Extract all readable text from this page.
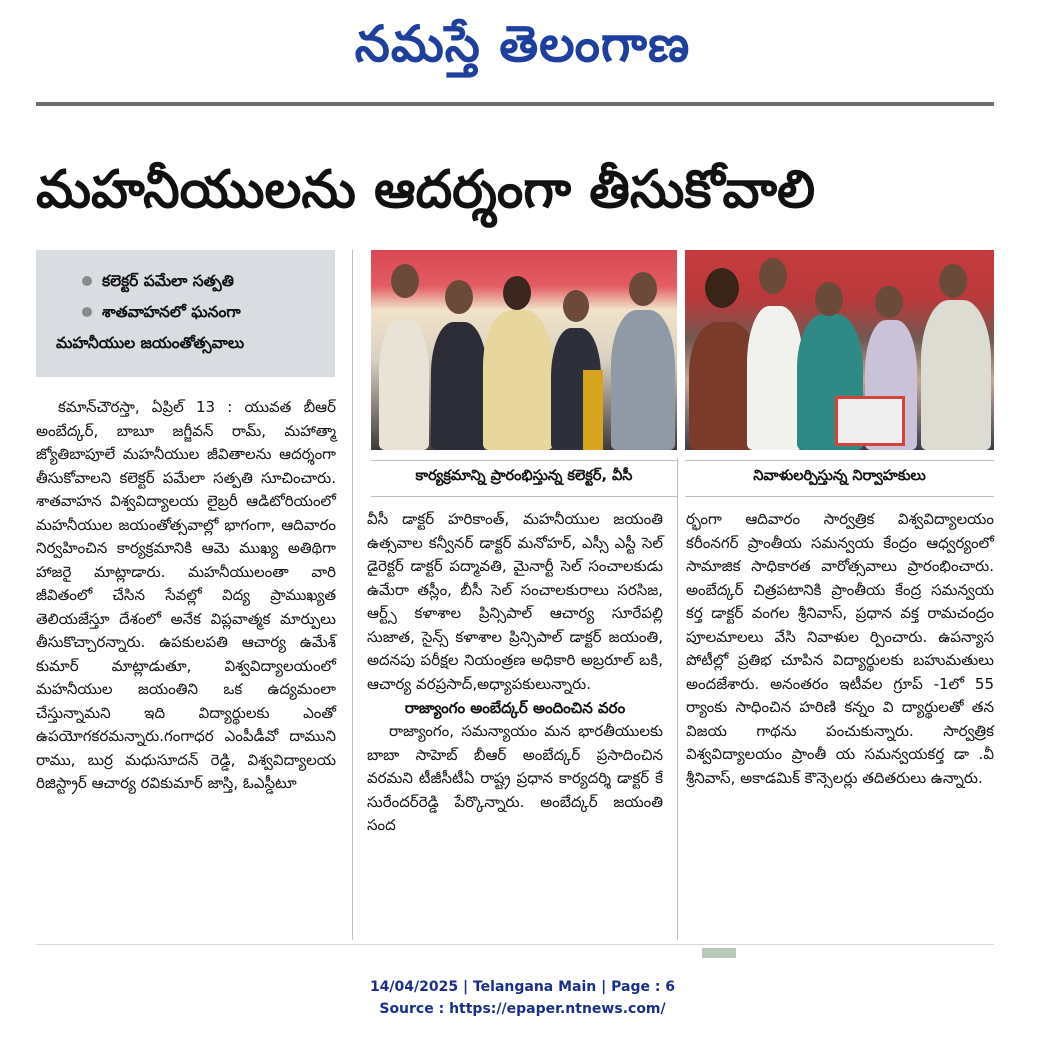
నమస్తే తెలంగాణ
మహనీయులను ఆదర్శంగా తీసుకోవాలి
కలెక్టర్ పమేలా సత్పతి
శాతవాహనలో ఘనంగా
మహనీయుల జయంతోత్సవాలు

కమాన్‌చౌరస్తా, ఏప్రిల్ 13 : యువత బీఆర్ అంబేద్కర్, బాబూ జగ్జీవన్ రామ్, మహాత్మా జ్యోతిబాపూలే మహనీయుల జీవితాలను ఆదర్శంగా తీసుకోవాలని కలెక్టర్ పమేలా సత్పతి సూచించారు. శాతవాహన విశ్వవిద్యాలయ లైబ్రరీ ఆడిటోరియంలో మహనీయుల జయంతోత్సవాల్లో భాగంగా, ఆదివారం నిర్వహించిన కార్యక్రమానికి ఆమె ముఖ్య అతిథిగా హాజరై మాట్లాడారు. మహనీయులంతా వారి జీవితంలో చేసిన సేవల్లో విద్య ప్రాముఖ్యత తెలియజేస్తూ దేశంలో అనేక విప్లవాత్మక మార్పులు తీసుకొచ్చారన్నారు. ఉపకులపతి ఆచార్య ఉమేశ్ కుమార్ మాట్లాడుతూ, విశ్వవిద్యాలయంలో మహనీయుల జయంతిని ఒక ఉద్యమంలా చేస్తున్నామని ఇది విద్యార్థులకు ఎంతో ఉపయోగకరమన్నారు.గంగాధర ఎంపీడీవో దాముని రాము, బుర్ర మధుసూదన్ రెడ్డి, విశ్వవిద్యాలయ రిజిస్ట్రార్ ఆచార్య రవికుమార్ జాస్తి, ఓఎస్డీటూ

కార్యక్రమాన్ని ప్రారంభిస్తున్న కలెక్టర్, వీసీ	నివాళులర్పిస్తున్న నిర్వాహకులు

వీసీ డాక్టర్ హరికాంత్, మహనీయుల జయంతి ఉత్సవాల కన్వీనర్ డాక్టర్ మనోహర్, ఎస్సీ ఎస్టీ సెల్ డైరెక్టర్ డాక్టర్ పద్మావతి, మైనార్టీ సెల్ సంచాలకుడు ఉమేరా తస్లీం, బీసీ సెల్ సంచాలకురాలు సరసిజ, ఆర్ట్స్ కళాశాల ప్రిన్సిపాల్ ఆచార్య సూరేపల్లి సుజాత, సైన్స్ కళాశాల ప్రిన్సిపాల్ డాక్టర్ జయంతి, అదనపు పరీక్షల నియంత్రణ అధికారి అబ్రరూల్ బకి, ఆచార్య వరప్రసాద్,అధ్యాపకులున్నారు.

రాజ్యాంగం అంబేద్కర్ అందించిన వరం

రాజ్యాంగం, సమన్యాయం మన భారతీయులకు బాబా సాహెబ్ బీఆర్ అంబేద్కర్ ప్రసాదించిన వరమని టీజీసీటీఏ రాష్ట్ర ప్రధాన కార్యదర్శి డాక్టర్ కే సురేందర్‌రెడ్డి పేర్కొన్నారు. అంబేద్కర్ జయంతి సంద

ర్భంగా ఆదివారం సార్వత్రిక విశ్వవిద్యాలయం కరీంనగర్ ప్రాంతీయ సమన్వయ కేంద్రం ఆధ్వర్యంలో సామాజిక సాధికారత వారోత్సవాలు ప్రారంభించారు. అంబేద్కర్ చిత్రపటానికి ప్రాంతీయ కేంద్ర సమన్వయ కర్త డాక్టర్ వంగల శ్రీనివాస్, ప్రధాన వక్త రామచంద్రం పూలమాలలు వేసి నివాళుల ర్పించారు. ఉపన్యాస పోటీల్లో ప్రతిభ చూపిన విద్యార్థులకు బహుమతులు అందజేశారు. అనంతరం ఇటీవల గ్రూప్ -1లో 55 ర్యాంకు సాధించిన హరిణి కన్నం వి ద్యార్థులతో తన విజయ గాథను పంచుకున్నారు. సార్వత్రిక విశ్వవిద్యాలయం ప్రాంతీ య సమన్వయకర్త డా .వీ శ్రీనివాస్, అకాడమిక్ కౌన్సెలర్లు తదితరులు ఉన్నారు.

14/04/2025 | Telangana Main | Page : 6
Source : https://epaper.ntnews.com/
